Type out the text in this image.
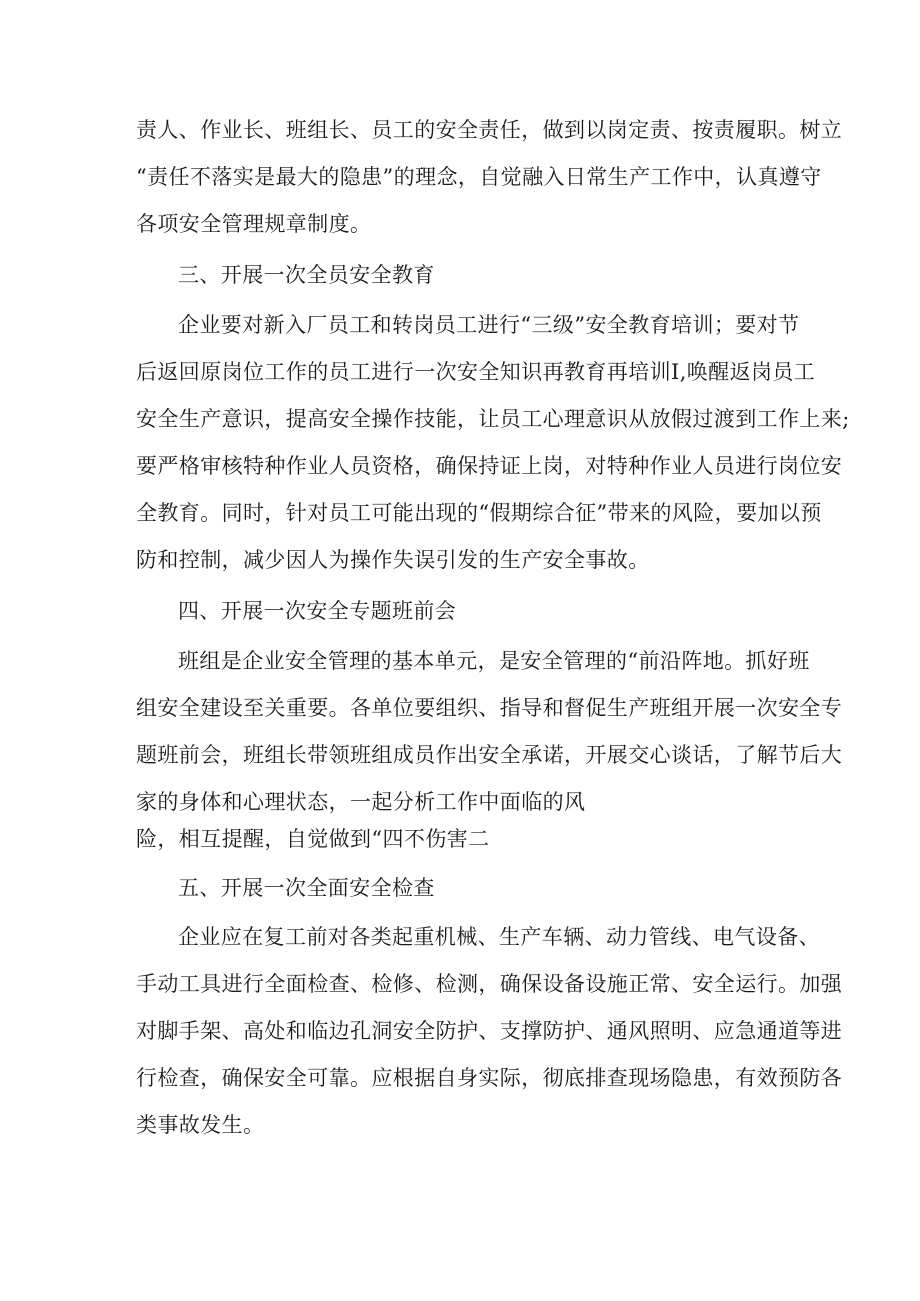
责人、作业长、班组长、员工的安全责任，做到以岗定责、按责履职。树立
“责任不落实是最大的隐患”的理念，自觉融入日常生产工作中，认真遵守
各项安全管理规章制度。
三、开展一次全员安全教育
企业要对新入厂员工和转岗员工进行“三级”安全教育培训；要对节
后返回原岗位工作的员工进行一次安全知识再教育再培训I,唤醒返岗员工
安全生产意识，提高安全操作技能，让员工心理意识从放假过渡到工作上来;
要严格审核特种作业人员资格，确保持证上岗，对特种作业人员进行岗位安
全教育。同时，针对员工可能出现的“假期综合征”带来的风险，要加以预
防和控制，减少因人为操作失误引发的生产安全事故。
四、开展一次安全专题班前会
班组是企业安全管理的基本单元，是安全管理的“前沿阵地。抓好班
组安全建设至关重要。各单位要组织、指导和督促生产班组开展一次安全专
题班前会，班组长带领班组成员作出安全承诺，开展交心谈话，了解节后大
家的身体和心理状态，一起分析工作中面临的风
险，相互提醒，自觉做到“四不伤害二
五、开展一次全面安全检查
企业应在复工前对各类起重机械、生产车辆、动力管线、电气设备、
手动工具进行全面检查、检修、检测，确保设备设施正常、安全运行。加强
对脚手架、高处和临边孔洞安全防护、支撑防护、通风照明、应急通道等进
行检查，确保安全可靠。应根据自身实际，彻底排查现场隐患，有效预防各
类事故发生。
